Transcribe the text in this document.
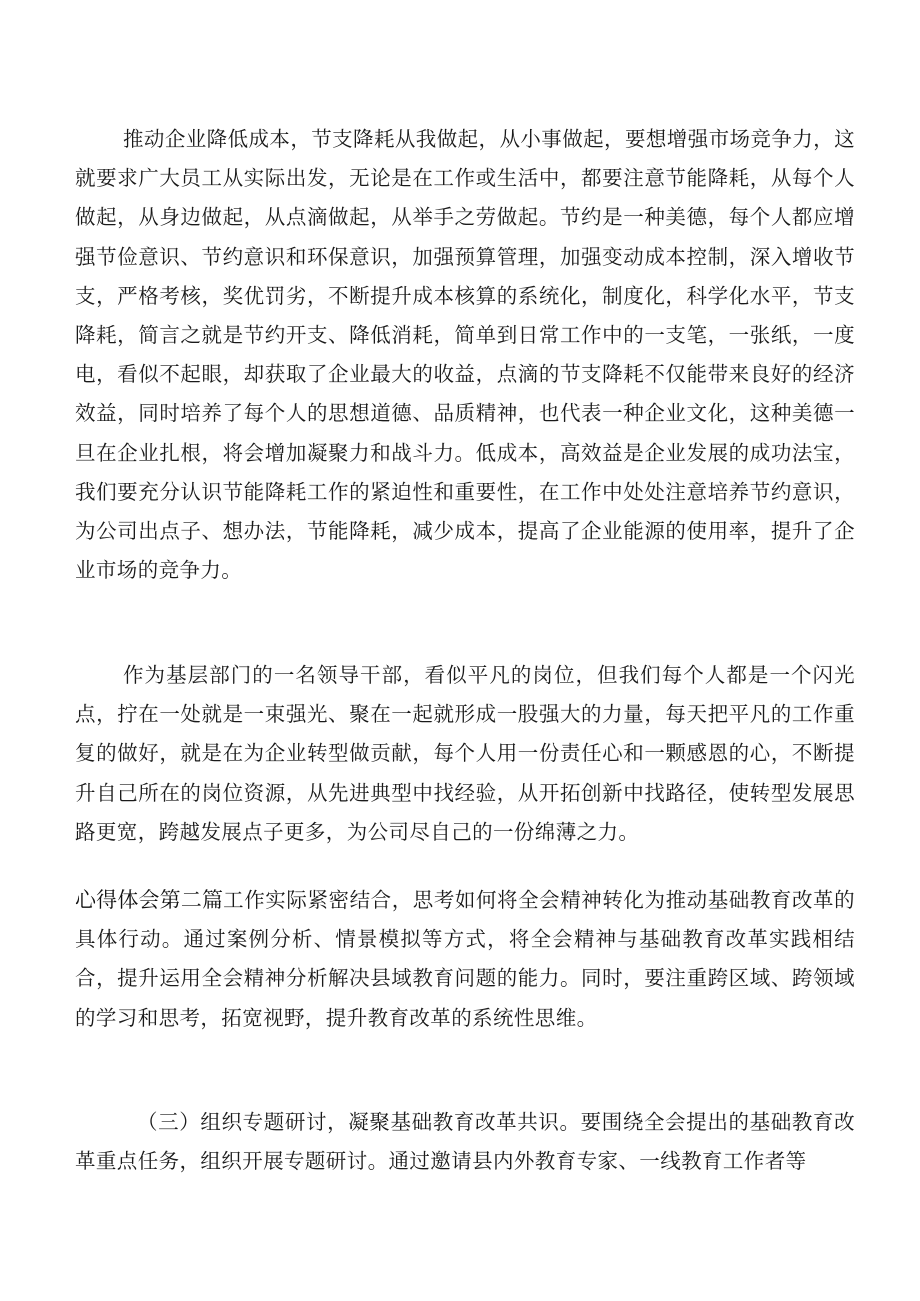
推动企业降低成本，节支降耗从我做起，从小事做起，要想增强市场竞争力，这就要求广大员工从实际出发，无论是在工作或生活中，都要注意节能降耗，从每个人做起，从身边做起，从点滴做起，从举手之劳做起。节约是一种美德，每个人都应增强节俭意识、节约意识和环保意识，加强预算管理，加强变动成本控制，深入增收节支，严格考核，奖优罚劣，不断提升成本核算的系统化，制度化，科学化水平，节支降耗，简言之就是节约开支、降低消耗，简单到日常工作中的一支笔，一张纸，一度电，看似不起眼，却获取了企业最大的收益，点滴的节支降耗不仅能带来良好的经济效益，同时培养了每个人的思想道德、品质精神，也代表一种企业文化，这种美德一旦在企业扎根，将会增加凝聚力和战斗力。低成本，高效益是企业发展的成功法宝，我们要充分认识节能降耗工作的紧迫性和重要性，在工作中处处注意培养节约意识，为公司出点子、想办法，节能降耗，减少成本，提高了企业能源的使用率，提升了企业市场的竞争力。

作为基层部门的一名领导干部，看似平凡的岗位，但我们每个人都是一个闪光点，拧在一处就是一束强光、聚在一起就形成一股强大的力量，每天把平凡的工作重复的做好，就是在为企业转型做贡献，每个人用一份责任心和一颗感恩的心，不断提升自己所在的岗位资源，从先进典型中找经验，从开拓创新中找路径，使转型发展思路更宽，跨越发展点子更多，为公司尽自己的一份绵薄之力。

心得体会第二篇工作实际紧密结合，思考如何将全会精神转化为推动基础教育改革的具体行动。通过案例分析、情景模拟等方式，将全会精神与基础教育改革实践相结合，提升运用全会精神分析解决县域教育问题的能力。同时，要注重跨区域、跨领域的学习和思考，拓宽视野，提升教育改革的系统性思维。

（三）组织专题研讨，凝聚基础教育改革共识。要围绕全会提出的基础教育改革重点任务，组织开展专题研讨。通过邀请县内外教育专家、一线教育工作者等
